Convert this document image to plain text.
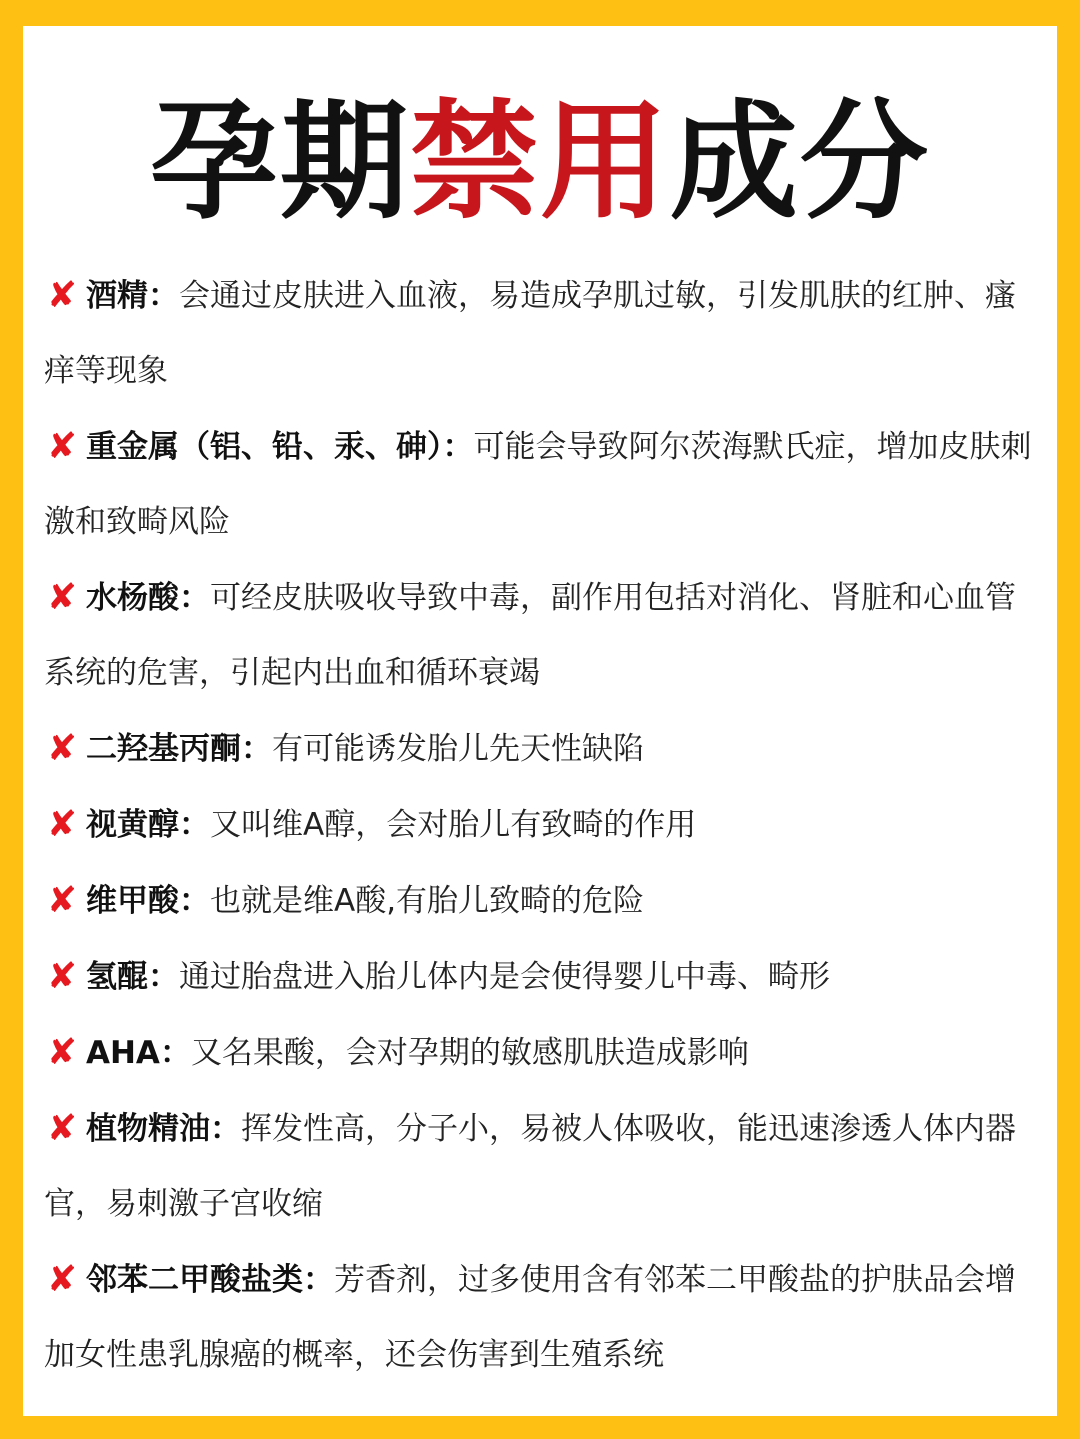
孕期禁用成分
✘ 酒精：会通过皮肤进入血液，易造成孕肌过敏，引发肌肤的红肿、瘙痒等现象
✘ 重金属（铝、铅、汞、砷）：可能会导致阿尔茨海默氏症，增加皮肤刺激和致畸风险
✘ 水杨酸：可经皮肤吸收导致中毒，副作用包括对消化、肾脏和心血管系统的危害，引起内出血和循环衰竭
✘ 二羟基丙酮：有可能诱发胎儿先天性缺陷
✘ 视黄醇：又叫维A醇，会对胎儿有致畸的作用
✘ 维甲酸：也就是维A酸,有胎儿致畸的危险
✘ 氢醌：通过胎盘进入胎儿体内是会使得婴儿中毒、畸形
✘ AHA：又名果酸，会对孕期的敏感肌肤造成影响
✘ 植物精油：挥发性高，分子小，易被人体吸收，能迅速渗透人体内器官，易刺激子宫收缩
✘ 邻苯二甲酸盐类：芳香剂，过多使用含有邻苯二甲酸盐的护肤品会增加女性患乳腺癌的概率，还会伤害到生殖系统
